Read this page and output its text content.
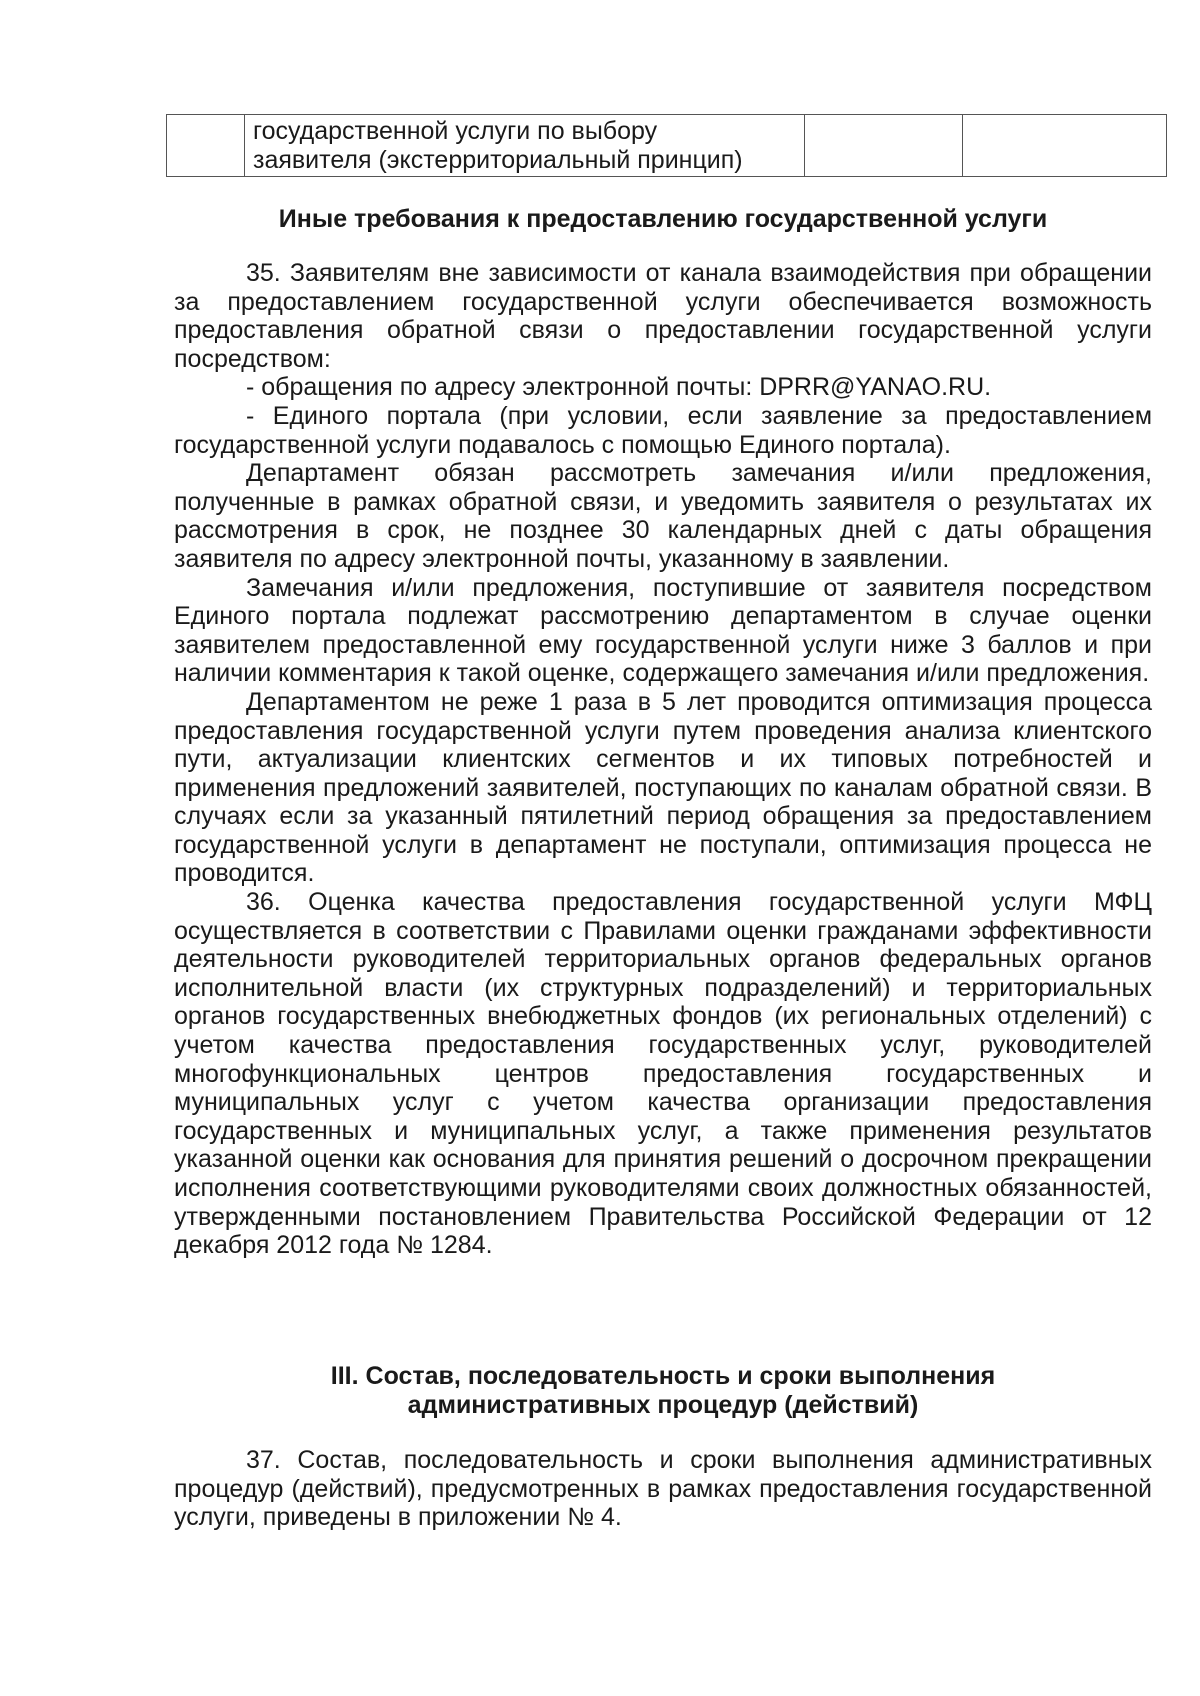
	государственной услуги по выбору
заявителя (экстерриториальный принцип)		
Иные требования к предоставлению государственной услуги

35. Заявителям вне зависимости от канала взаимодействия при обращении за предоставлением государственной услуги обеспечивается возможность предоставления обратной связи о предоставлении государственной услуги посредством:

- обращения по адресу электронной почты: DPRR@YANAO.RU.

- Единого портала (при условии, если заявление за предоставлением государственной услуги подавалось с помощью Единого портала).

Департамент обязан рассмотреть замечания и/или предложения, полученные в рамках обратной связи, и уведомить заявителя о результатах их рассмотрения в срок, не позднее 30 календарных дней с даты обращения заявителя по адресу электронной почты, указанному в заявлении.

Замечания и/или предложения, поступившие от заявителя посредством Единого портала подлежат рассмотрению департаментом в случае оценки заявителем предоставленной ему государственной услуги ниже 3 баллов и при наличии комментария к такой оценке, содержащего замечания и/или предложения.

Департаментом не реже 1 раза в 5 лет проводится оптимизация процесса предоставления государственной услуги путем проведения анализа клиентского пути, актуализации клиентских сегментов и их типовых потребностей и применения предложений заявителей, поступающих по каналам обратной связи. В случаях если за указанный пятилетний период обращения за предоставлением государственной услуги в департамент не поступали, оптимизация процесса не проводится.

36. Оценка качества предоставления государственной услуги МФЦ осуществляется в соответствии с Правилами оценки гражданами эффективности деятельности руководителей территориальных органов федеральных органов исполнительной власти (их структурных подразделений) и территориальных органов государственных внебюджетных фондов (их региональных отделений) с учетом качества предоставления государственных услуг, руководителей многофункциональных центров предоставления государственных и муниципальных услуг с учетом качества организации предоставления государственных и муниципальных услуг, а также применения результатов указанной оценки как основания для принятия решений о досрочном прекращении исполнения соответствующими руководителями своих должностных обязанностей, утвержденными постановлением Правительства Российской Федерации от 12 декабря 2012 года № 1284.

III. Состав, последовательность и сроки выполнения
административных процедур (действий)

37. Состав, последовательность и сроки выполнения административных процедур (действий), предусмотренных в рамках предоставления государственной услуги, приведены в приложении № 4.
